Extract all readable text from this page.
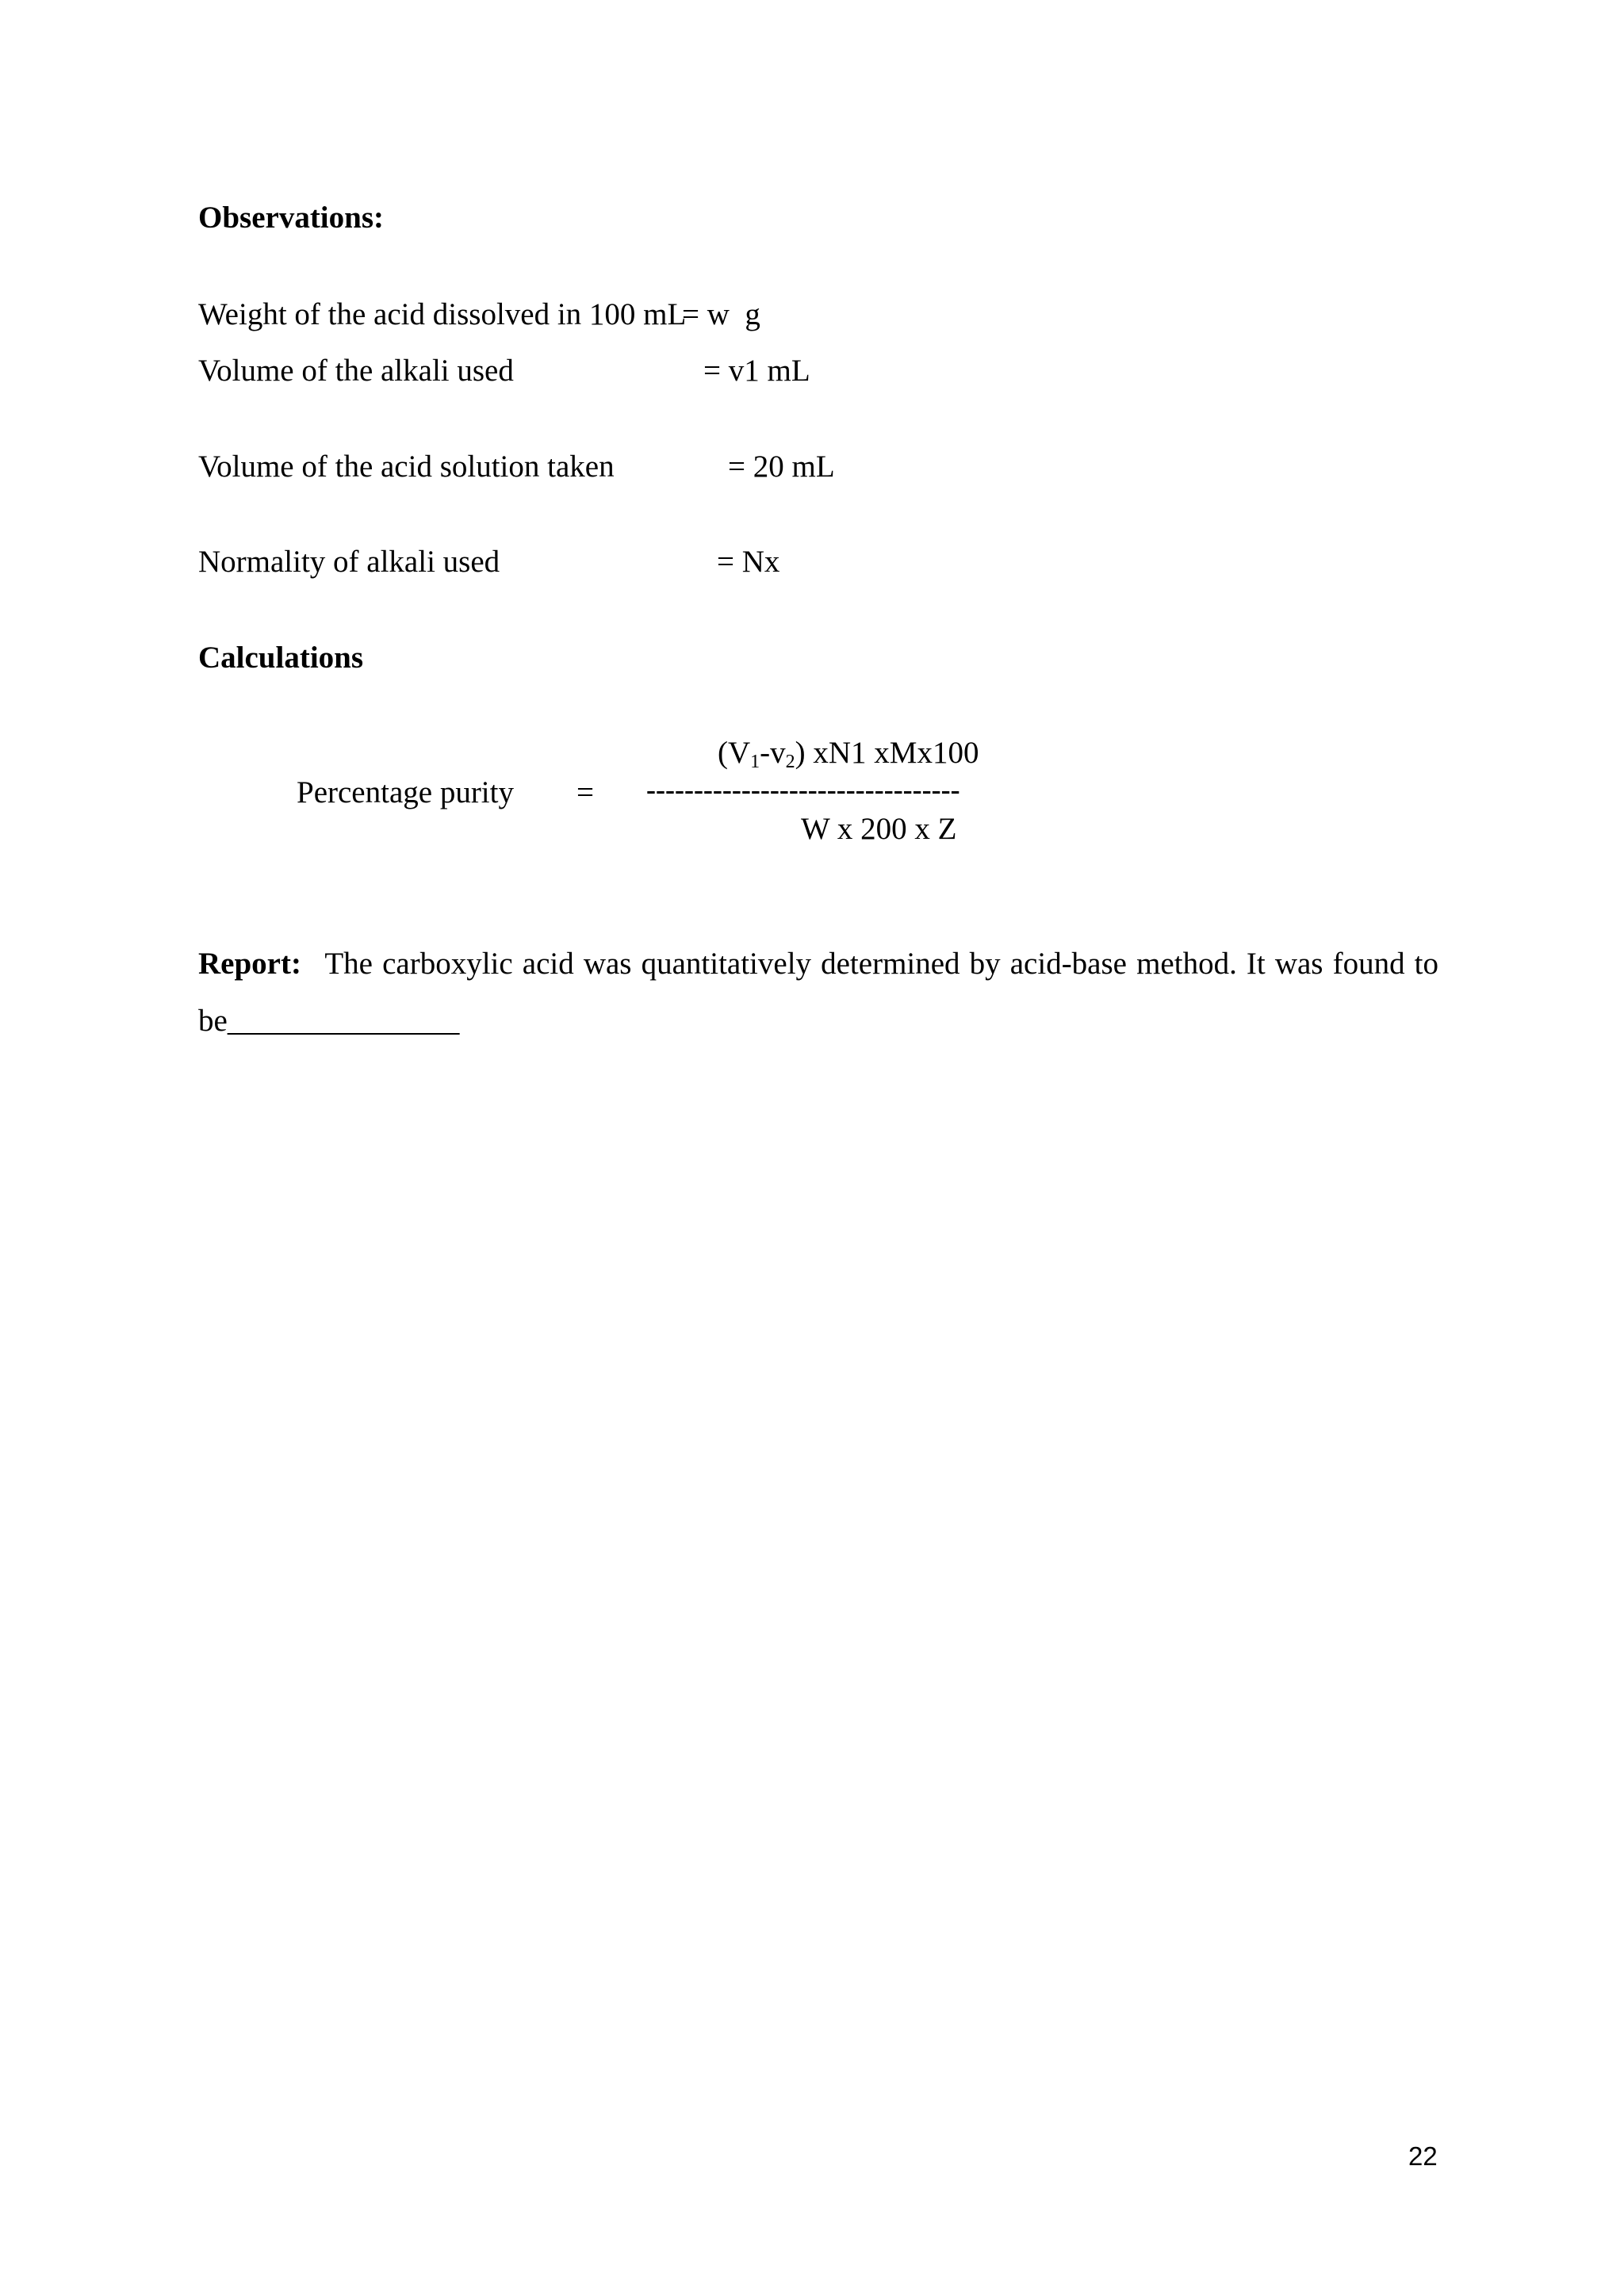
Observations:
Weight of the acid dissolved in 100 mL
= w  g
Volume of the alkali used	= v1 mL
Volume of the acid solution taken	= 20 mL
Normality of alkali used	= Nx
Calculations
Percentage purity =
$(V_1-v_2)$ xN1 xMx100
---------------------------------
W x 200 x Z
Report: The carboxylic acid was quantitatively determined by acid-base method. It was found to be_______________
22
